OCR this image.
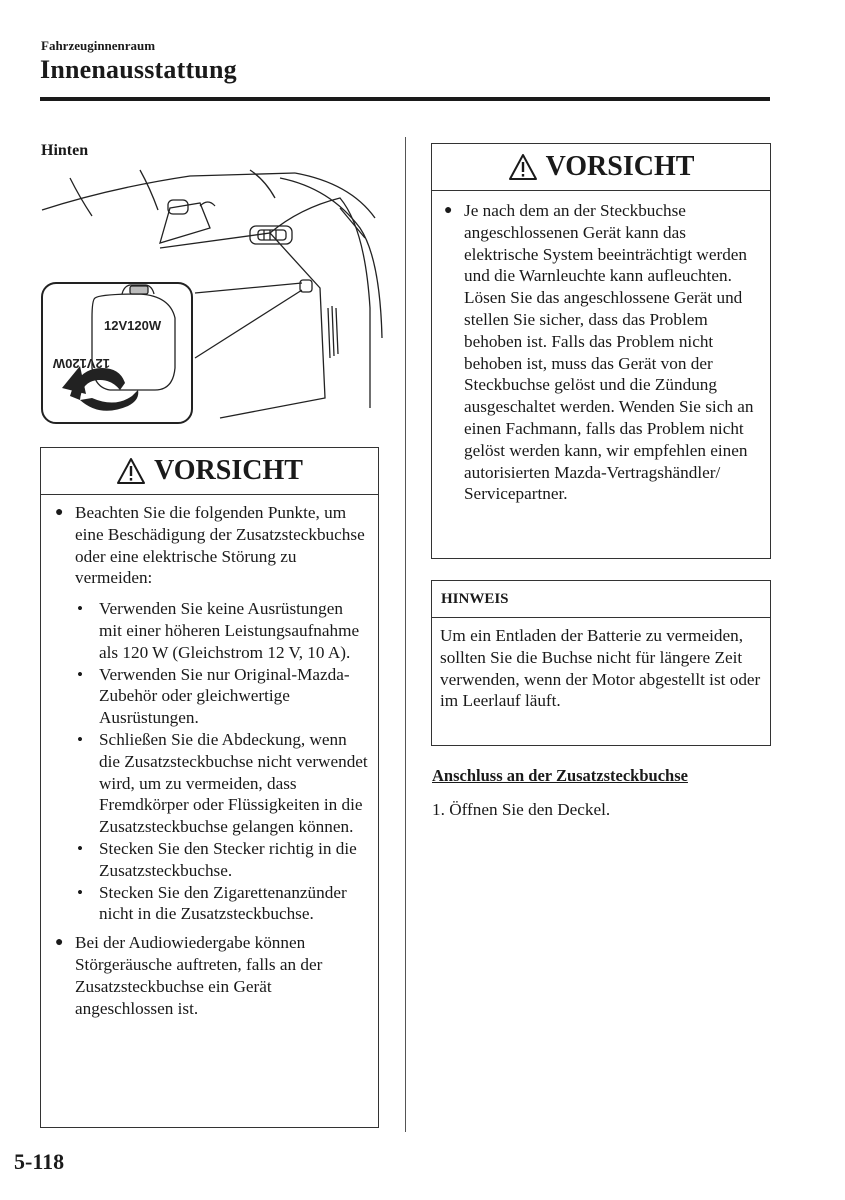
Fahrzeuginnenraum
Innenausstattung
Hinten
12V120W
12V120W
VORSICHT
● Beachten Sie die folgenden Punkte, um eine Beschädigung der Zusatzsteckbuchse oder eine elektrische Störung zu vermeiden:
• Verwenden Sie keine Ausrüstungen mit einer höheren Leistungsaufnahme als 120 W (Gleichstrom 12 V, 10 A).
• Verwenden Sie nur Original-Mazda-Zubehör oder gleichwertige Ausrüstungen.
• Schließen Sie die Abdeckung, wenn die Zusatzsteckbuchse nicht verwendet wird, um zu vermeiden, dass Fremdkörper oder Flüssigkeiten in die Zusatzsteckbuchse gelangen können.
• Stecken Sie den Stecker richtig in die Zusatzsteckbuchse.
• Stecken Sie den Zigarettenanzünder nicht in die Zusatzsteckbuchse.
● Bei der Audiowiedergabe können Störgeräusche auftreten, falls an der Zusatzsteckbuchse ein Gerät angeschlossen ist.
VORSICHT
● Je nach dem an der Steckbuchse angeschlossenen Gerät kann das elektrische System beeinträchtigt werden und die Warnleuchte kann aufleuchten. Lösen Sie das angeschlossene Gerät und stellen Sie sicher, dass das Problem behoben ist. Falls das Problem nicht behoben ist, muss das Gerät von der Steckbuchse gelöst und die Zündung ausgeschaltet werden. Wenden Sie sich an einen Fachmann, falls das Problem nicht gelöst werden kann, wir empfehlen einen autorisierten Mazda-Vertragshändler/ Servicepartner.
HINWEIS
Um ein Entladen der Batterie zu vermeiden, sollten Sie die Buchse nicht für längere Zeit verwenden, wenn der Motor abgestellt ist oder im Leerlauf läuft.
Anschluss an der Zusatzsteckbuchse
1. Öffnen Sie den Deckel.
5-118
